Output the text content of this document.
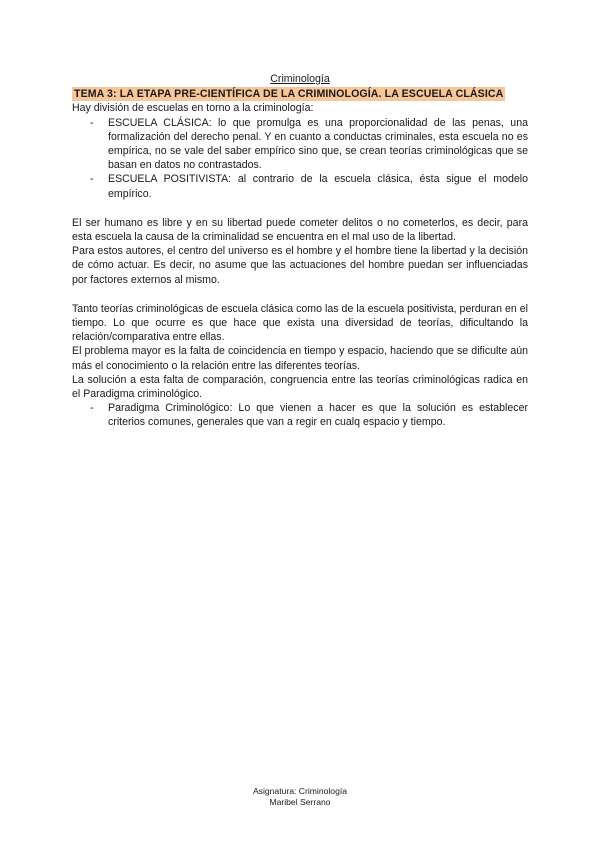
Criminología
TEMA 3: LA ETAPA PRE-CIENTÍFICA DE LA CRIMINOLOGÍA. LA ESCUELA CLÁSICA

Hay división de escuelas en torno a la criminología:

- ESCUELA CLÁSICA: lo que promulga es una proporcionalidad de las penas, una formalización del derecho penal. Y en cuanto a conductas criminales, esta escuela no es empírica, no se vale del saber empírico sino que, se crean teorías criminológicas que se basan en datos no contrastados.
- ESCUELA POSITIVISTA: al contrario de la escuela clásica, ésta sigue el modelo empírico.

El ser humano es libre y en su libertad puede cometer delitos o no cometerlos, es decir, para esta escuela la causa de la criminalidad se encuentra en el mal uso de la libertad.

Para estos autores, el centro del universo es el hombre y el hombre tiene la libertad y la decisión de cómo actuar. Es decir, no asume que las actuaciones del hombre puedan ser influenciadas por factores externos al mismo.

Tanto teorías criminológicas de escuela clásica como las de la escuela positivista, perduran en el tiempo. Lo que ocurre es que hace que exista una diversidad de teorías, dificultando la relación/comparativa entre ellas.

El problema mayor es la falta de coincidencia en tiempo y espacio, haciendo que se dificulte aún más el conocimiento o la relación entre las diferentes teorías.

La solución a esta falta de comparación, congruencia entre las teorías criminológicas radica en el Paradigma criminológico.

- Paradigma Criminológico: Lo que vienen a hacer es que la solución es establecer criterios comunes, generales que van a regir en cualq espacio y tiempo.
Asignatura: Criminología
Maribel Serrano
